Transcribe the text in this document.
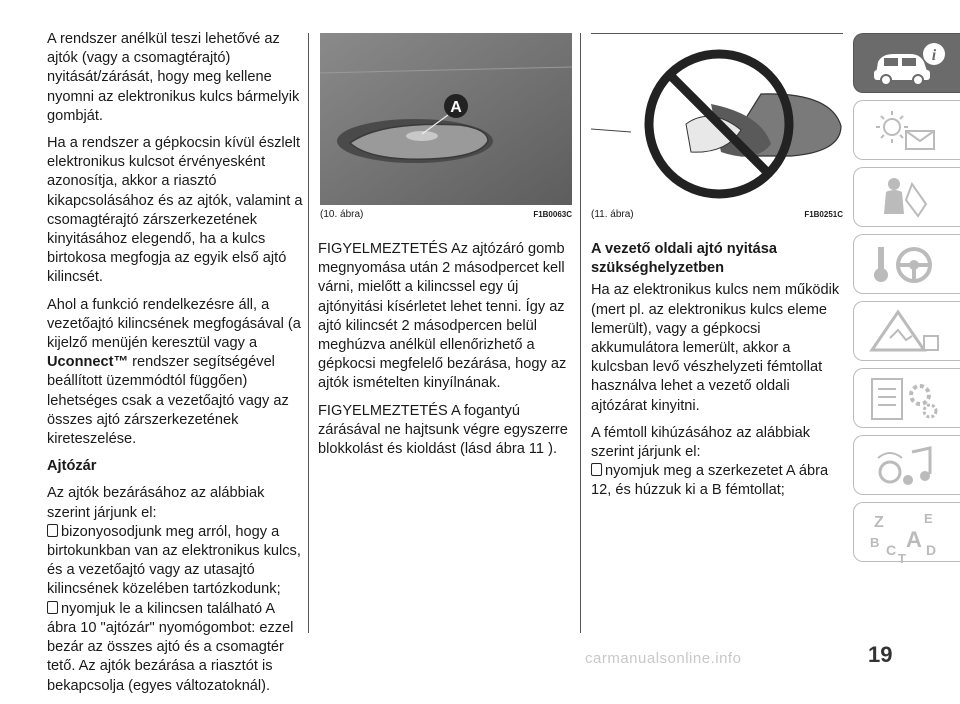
A rendszer anélkül teszi lehetővé az ajtók (vagy a csomagtérajtó) nyitását/zárását, hogy meg kellene nyomni az elektronikus kulcs bármelyik gombját.

Ha a rendszer a gépkocsin kívül észlelt elektronikus kulcsot érvényesként azonosítja, akkor a riasztó kikapcsolásához és az ajtók, valamint a csomagtérajtó zárszerkezetének kinyitásához elegendő, ha a kulcs birtokosa megfogja az egyik első ajtó kilincsét.

Ahol a funkció rendelkezésre áll, a vezetőajtó kilincsének megfogásával (a kijelző menüjén keresztül vagy a Uconnect™ rendszer segítségével beállított üzemmódtól függően) lehetséges csak a vezetőajtó vagy az összes ajtó zárszerkezetének kireteszelése.

Ajtózár

Az ajtók bezárásához az alábbiak szerint járjunk el:

bizonyosodjunk meg arról, hogy a birtokunkban van az elektronikus kulcs, és a vezetőajtó vagy az utasajtó kilincsének közelében tartózkodunk;

nyomjuk le a kilincsen található A ábra 10 "ajtózár" nyomógombot: ezzel bezár az összes ajtó és a csomagtér tető. Az ajtók bezárása a riasztót is bekapcsolja (egyes változatoknál).

A
(10. ábra)	F1B0063C (11. ábra)	F1B0251C

FIGYELMEZTETÉS Az ajtózáró gomb megnyomása után 2 másodpercet kell várni, mielőtt a kilincssel egy új ajtónyitási kísérletet lehet tenni. Így az ajtó kilincsét 2 másodpercen belül meghúzva anélkül ellenőrizhető a gépkocsi megfelelő bezárása, hogy az ajtók ismételten kinyílnának.

FIGYELMEZTETÉS A fogantyú zárásával ne hajtsunk végre egyszerre blokkolást és kioldást (lásd ábra 11 ).

A vezető oldali ajtó nyitása szükséghelyzetben

Ha az elektronikus kulcs nem működik (mert pl. az elektronikus kulcs eleme lemerült), vagy a gépkocsi akkumulátora lemerült, akkor a kulcsban levő vészhelyzeti fémtollat használva lehet a vezető oldali ajtózárat kinyitni.

A fémtoll kihúzásához az alábbiak szerint járjunk el:

nyomjuk meg a szerkezetet A ábra 12, és húzzuk ki a B fémtollat;

i
Z	E
B A
C
T
D
19
carmanualsonline.info
